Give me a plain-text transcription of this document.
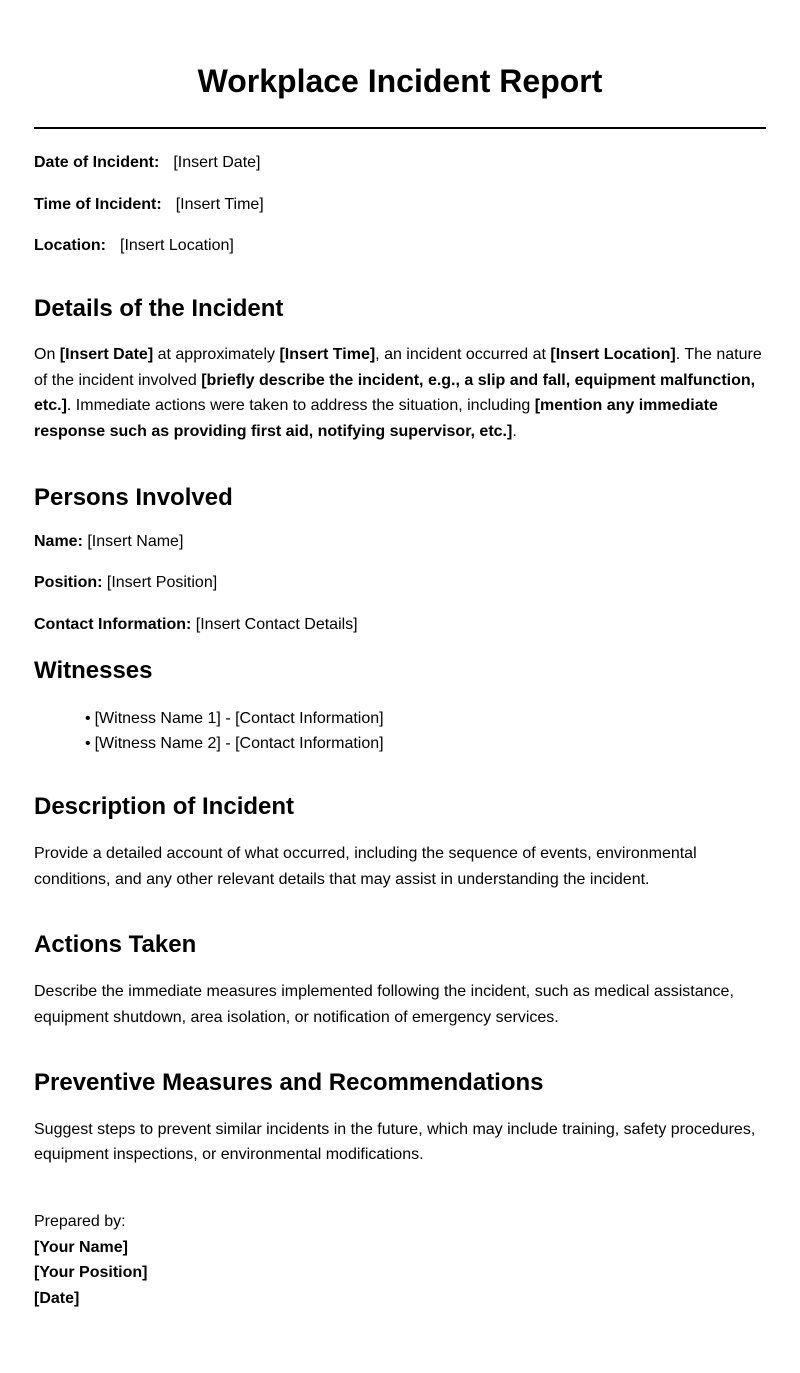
Workplace Incident Report
Date of Incident: [Insert Date]
Time of Incident: [Insert Time]
Location: [Insert Location]
Details of the Incident

On [Insert Date] at approximately [Insert Time], an incident occurred at [Insert Location]. The nature of the incident involved [briefly describe the incident, e.g., a slip and fall, equipment malfunction, etc.]. Immediate actions were taken to address the situation, including [mention any immediate response such as providing first aid, notifying supervisor, etc.].

Persons Involved
Name: [Insert Name]
Position: [Insert Position]
Contact Information: [Insert Contact Details]
Witnesses
• [Witness Name 1] - [Contact Information]
• [Witness Name 2] - [Contact Information]
Description of Incident

Provide a detailed account of what occurred, including the sequence of events, environmental conditions, and any other relevant details that may assist in understanding the incident.

Actions Taken

Describe the immediate measures implemented following the incident, such as medical assistance, equipment shutdown, area isolation, or notification of emergency services.

Preventive Measures and Recommendations

Suggest steps to prevent similar incidents in the future, which may include training, safety procedures, equipment inspections, or environmental modifications.

Prepared by:
[Your Name]
[Your Position]
[Date]
